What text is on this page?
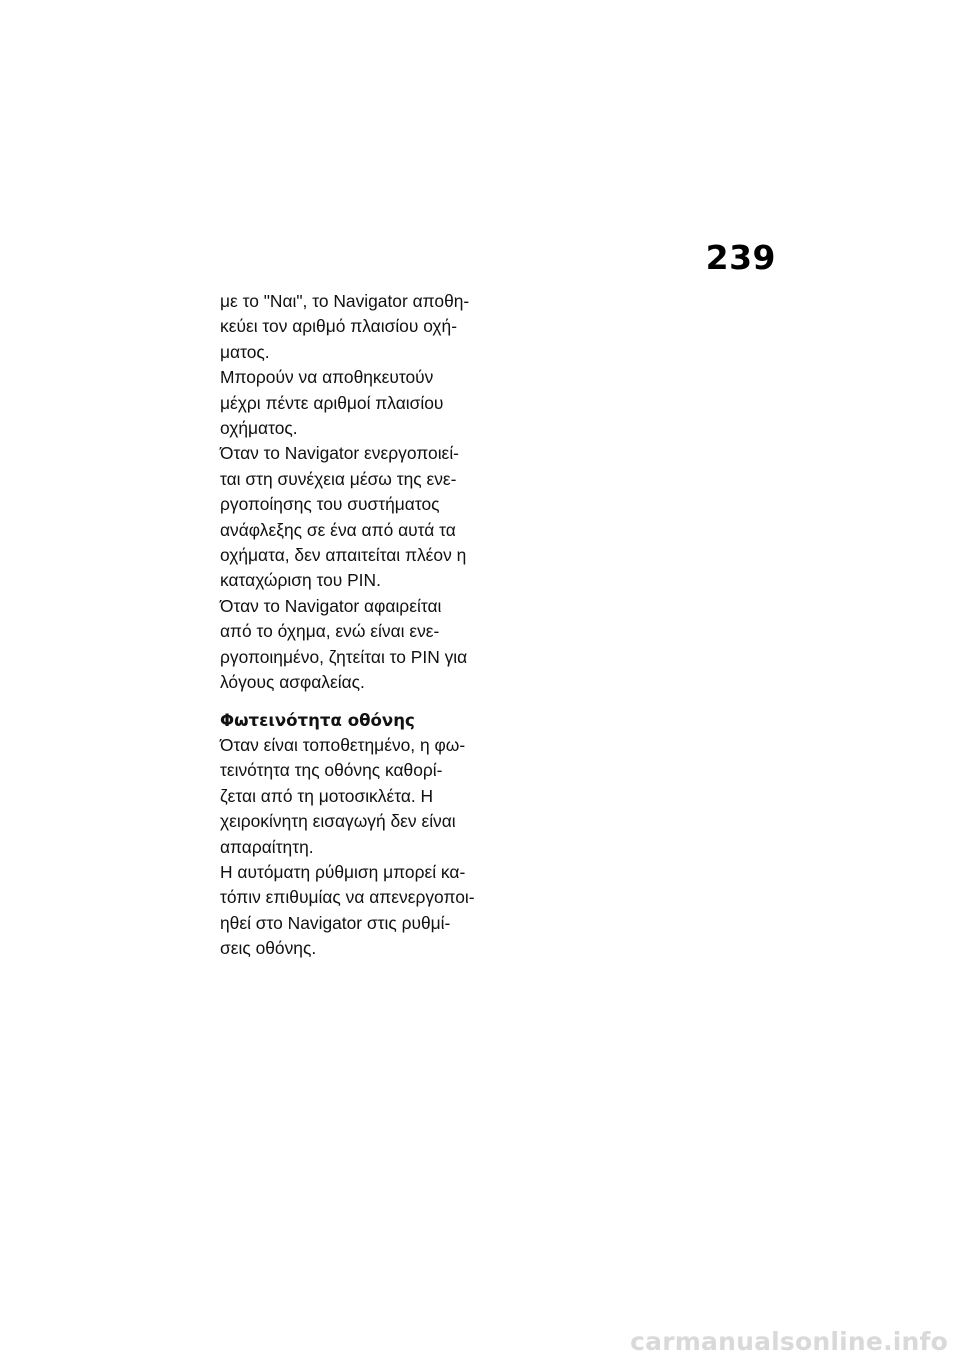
239

με το "Ναι", το Navigator αποθη-
κεύει τον αριθμό πλαισίου οχή-
ματος.

Μπορούν να αποθηκευτούν
μέχρι πέντε αριθμοί πλαισίου
οχήματος.

Όταν το Navigator ενεργοποιεί-
ται στη συνέχεια μέσω της ενε-
ργοποίησης του συστήματος
ανάφλεξης σε ένα από αυτά τα
οχήματα, δεν απαιτείται πλέον η
καταχώριση του PIN.

Όταν το Navigator αφαιρείται
από το όχημα, ενώ είναι ενε-
ργοποιημένο, ζητείται το PIN για
λόγους ασφαλείας.

Φωτεινότητα οθόνης

Όταν είναι τοποθετημένο, η φω-
τεινότητα της οθόνης καθορί-
ζεται από τη μοτοσικλέτα. Η
χειροκίνητη εισαγωγή δεν είναι
απαραίτητη.

Η αυτόματη ρύθμιση μπορεί κα-
τόπιν επιθυμίας να απενεργοποι-
ηθεί στο Navigator στις ρυθμί-
σεις οθόνης.

carmanualsonline.info
